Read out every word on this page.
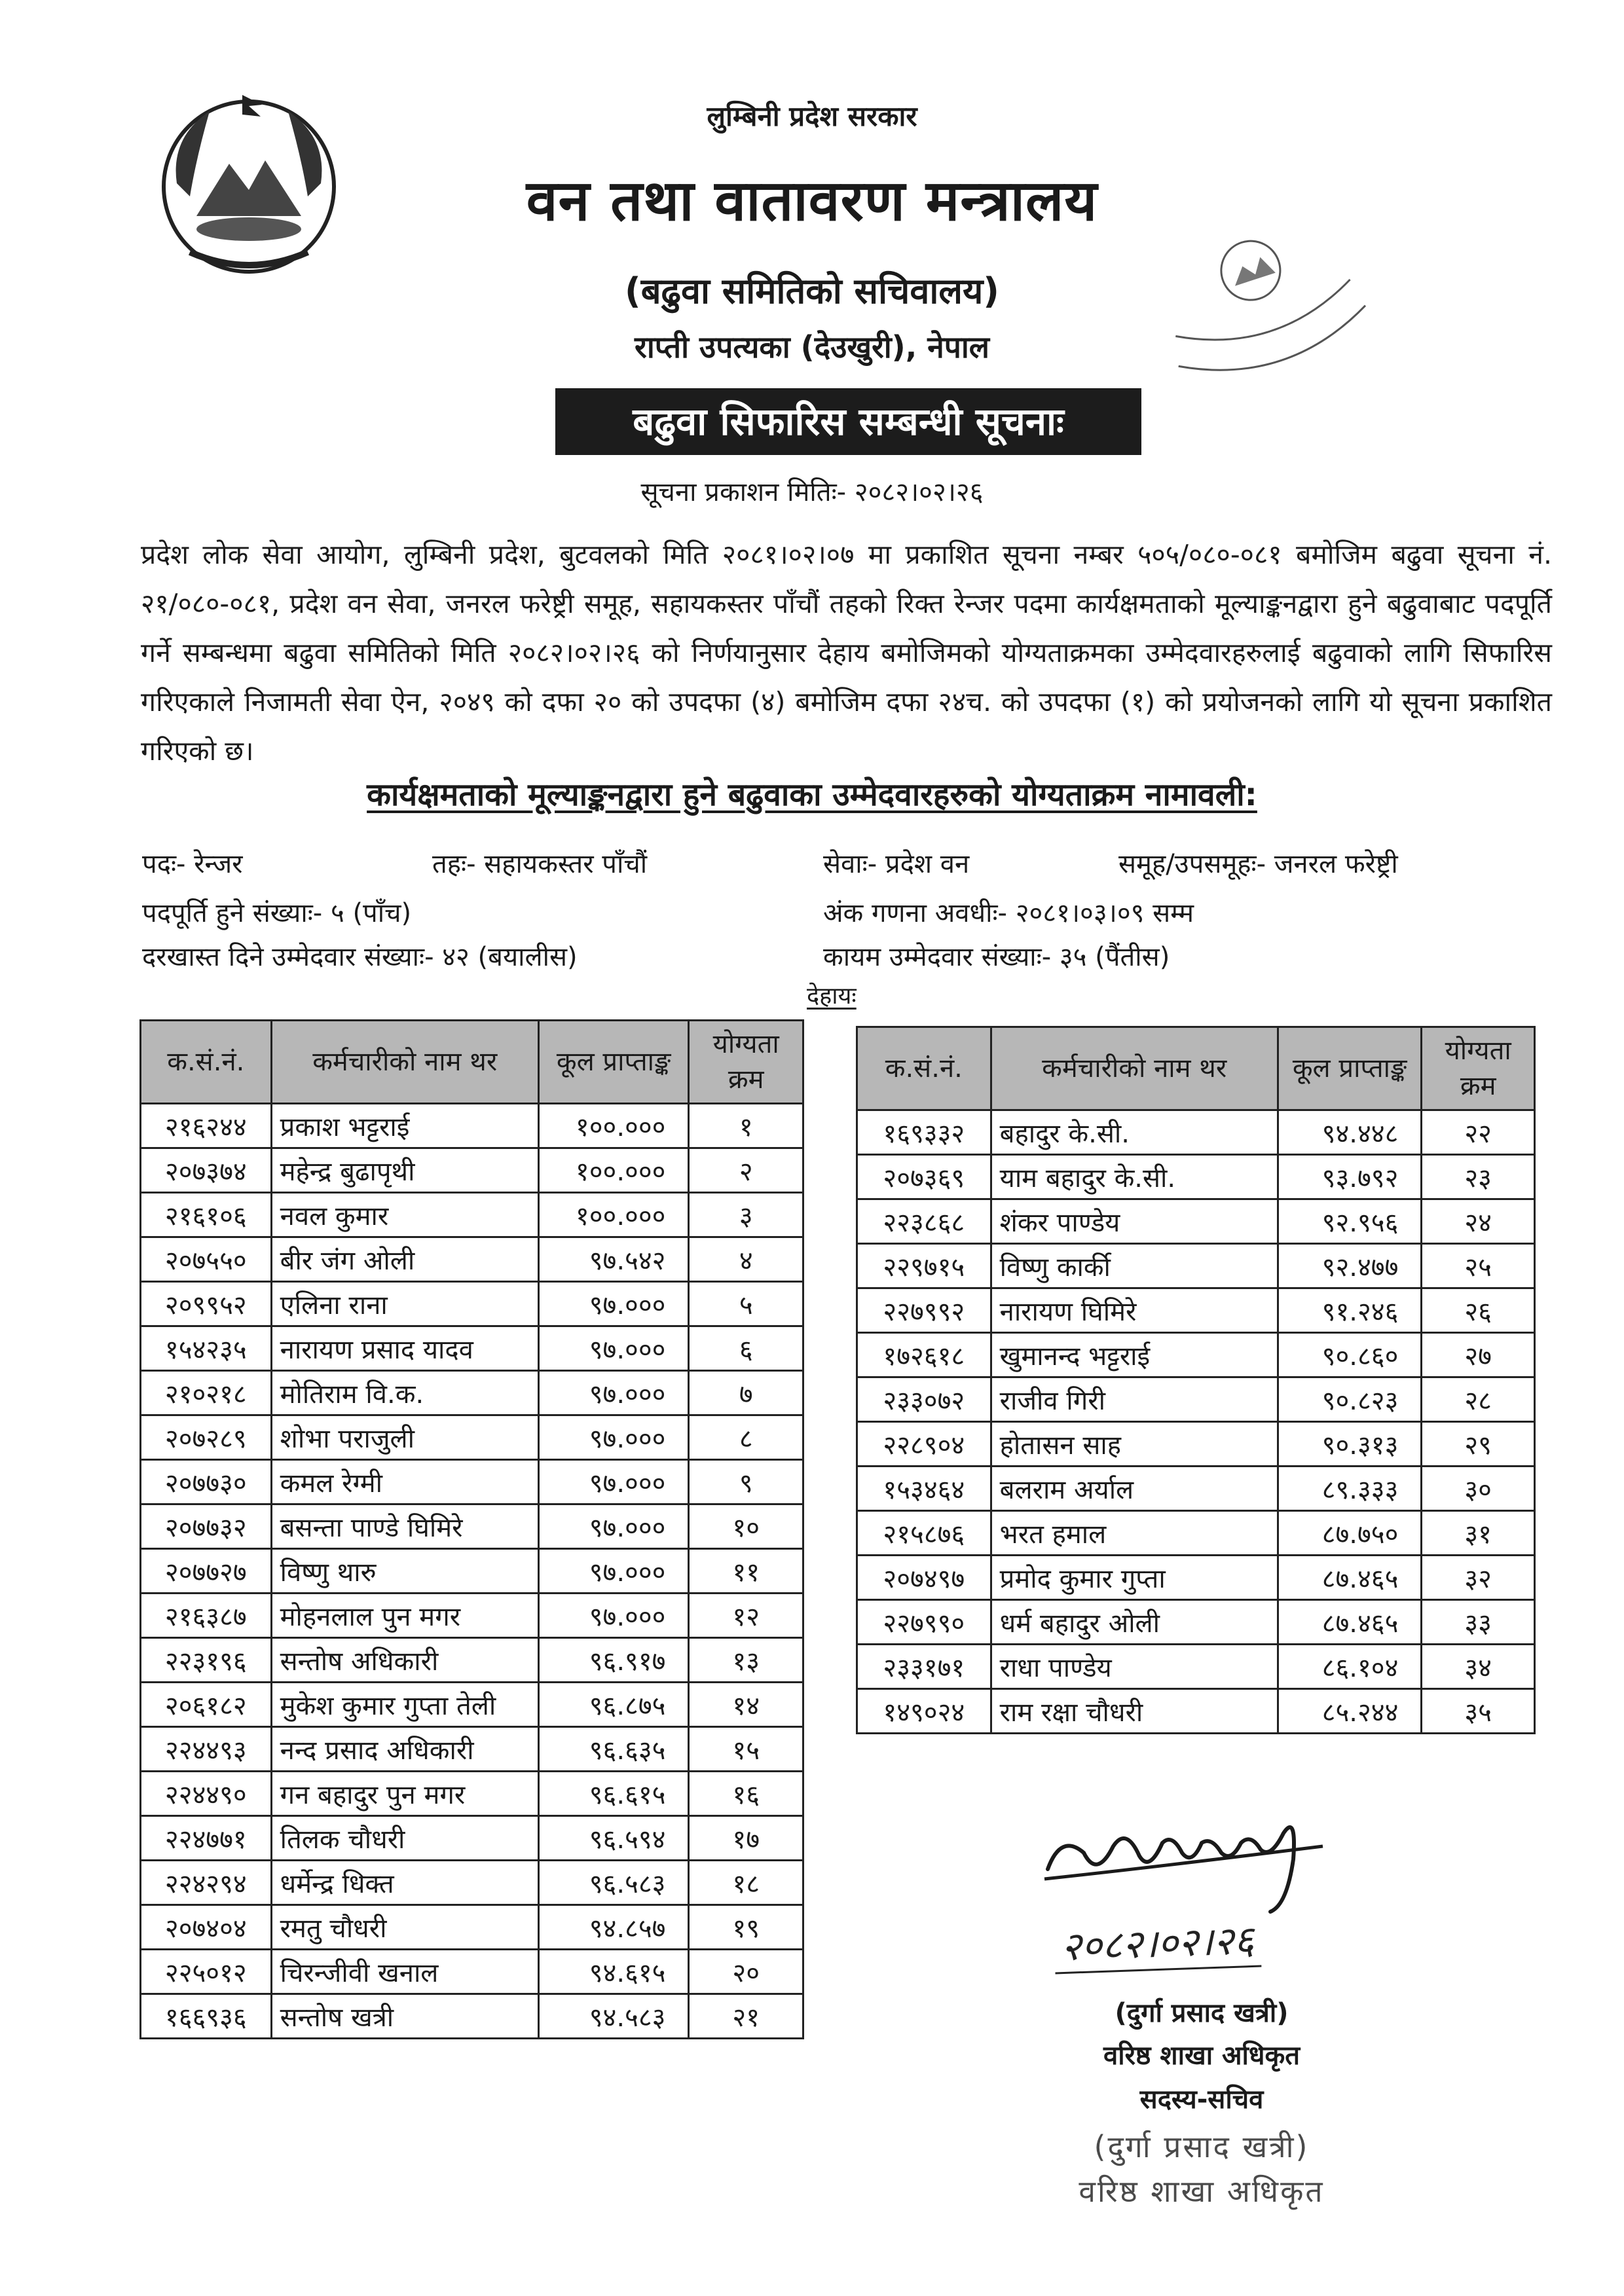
लुम्बिनी प्रदेश सरकार
वन तथा वातावरण मन्त्रालय
(बढुवा समितिको सचिवालय)
राप्ती उपत्यका (देउखुरी), नेपाल
बढुवा सिफारिस सम्बन्धी सूचनाः
सूचना प्रकाशन मितिः- २०८२।०२।२६
प्रदेश लोक सेवा आयोग, लुम्बिनी प्रदेश, बुटवलको मिति २०८१।०२।०७ मा प्रकाशित सूचना नम्बर ५०५/०८०-०८१ बमोजिम बढुवा सूचना नं. २१/०८०-०८१, प्रदेश वन सेवा, जनरल फरेष्ट्री समूह, सहायकस्तर पाँचौं तहको रिक्त रेन्जर पदमा कार्यक्षमताको मूल्याङ्कनद्वारा हुने बढुवाबाट पदपूर्ति गर्ने सम्बन्धमा बढुवा समितिको मिति २०८२।०२।२६ को निर्णयानुसार देहाय बमोजिमको योग्यताक्रमका उम्मेदवारहरुलाई बढुवाको लागि सिफारिस गरिएकाले निजामती सेवा ऐन, २०४९ को दफा २० को उपदफा (४) बमोजिम दफा २४च. को उपदफा (१) को प्रयोजनको लागि यो सूचना प्रकाशित गरिएको छ।
कार्यक्षमताको मूल्याङ्कनद्वारा हुने बढुवाका उम्मेदवारहरुको योग्यताक्रम नामावली:
पदः- रेन्जर	तहः- सहायकस्तर पाँचौं	सेवाः- प्रदेश वन	समूह/उपसमूहः- जनरल फरेष्ट्री
पदपूर्ति हुने संख्याः- ५ (पाँच)	अंक गणना अवधीः- २०८१।०३।०९ सम्म
दरखास्त दिने उम्मेदवार संख्याः- ४२ (बयालीस)	कायम उम्मेदवार संख्याः- ३५ (पैंतीस)
देहायः
क.सं.नं.	कर्मचारीको नाम थर	कूल प्राप्ताङ्क	योग्यता क्रम
२१६२४४	प्रकाश भट्टराई	१००.०००	१
२०७३७४	महेन्द्र बुढापृथी	१००.०००	२
२१६१०६	नवल कुमार	१००.०००	३
२०७५५०	बीर जंग ओली	९७.५४२	४
२०९९५२	एलिना राना	९७.०००	५
१५४२३५	नारायण प्रसाद यादव	९७.०००	६
२१०२१८	मोतिराम वि.क.	९७.०००	७
२०७२८९	शोभा पराजुली	९७.०००	८
२०७७३०	कमल रेग्मी	९७.०००	९
२०७७३२	बसन्ता पाण्डे घिमिरे	९७.०००	१०
२०७७२७	विष्णु थारु	९७.०००	११
२१६३८७	मोहनलाल पुन मगर	९७.०००	१२
२२३१९६	सन्तोष अधिकारी	९६.९१७	१३
२०६१८२	मुकेश कुमार गुप्ता तेली	९६.८७५	१४
२२४४९३	नन्द प्रसाद अधिकारी	९६.६३५	१५
२२४४९०	गन बहादुर पुन मगर	९६.६१५	१६
२२४७७१	तिलक चौधरी	९६.५९४	१७
२२४२९४	धर्मेन्द्र धिक्त	९६.५८३	१८
२०७४०४	रमतु चौधरी	९४.८५७	१९
२२५०१२	चिरन्जीवी खनाल	९४.६१५	२०
१६६९३६	सन्तोष खत्री	९४.५८३	२१
क.सं.नं.	कर्मचारीको नाम थर	कूल प्राप्ताङ्क	योग्यता क्रम
१६९३३२	बहादुर के.सी.	९४.४४८	२२
२०७३६९	याम बहादुर के.सी.	९३.७९२	२३
२२३८६८	शंकर पाण्डेय	९२.९५६	२४
२२९७१५	विष्णु कार्की	९२.४७७	२५
२२७९९२	नारायण घिमिरे	९१.२४६	२६
१७२६१८	खुमानन्द भट्टराई	९०.८६०	२७
२३३०७२	राजीव गिरी	९०.८२३	२८
२२८९०४	होतासन साह	९०.३१३	२९
१५३४६४	बलराम अर्याल	८९.३३३	३०
२१५८७६	भरत हमाल	८७.७५०	३१
२०७४९७	प्रमोद कुमार गुप्ता	८७.४६५	३२
२२७९९०	धर्म बहादुर ओली	८७.४६५	३३
२३३१७१	राधा पाण्डेय	८६.१०४	३४
१४९०२४	राम रक्षा चौधरी	८५.२४४	३५
२०८२।०२।२६
(दुर्गा प्रसाद खत्री)
वरिष्ठ शाखा अधिकृत
सदस्य-सचिव
(दुर्गा प्रसाद खत्री)
वरिष्ठ शाखा अधिकृत
